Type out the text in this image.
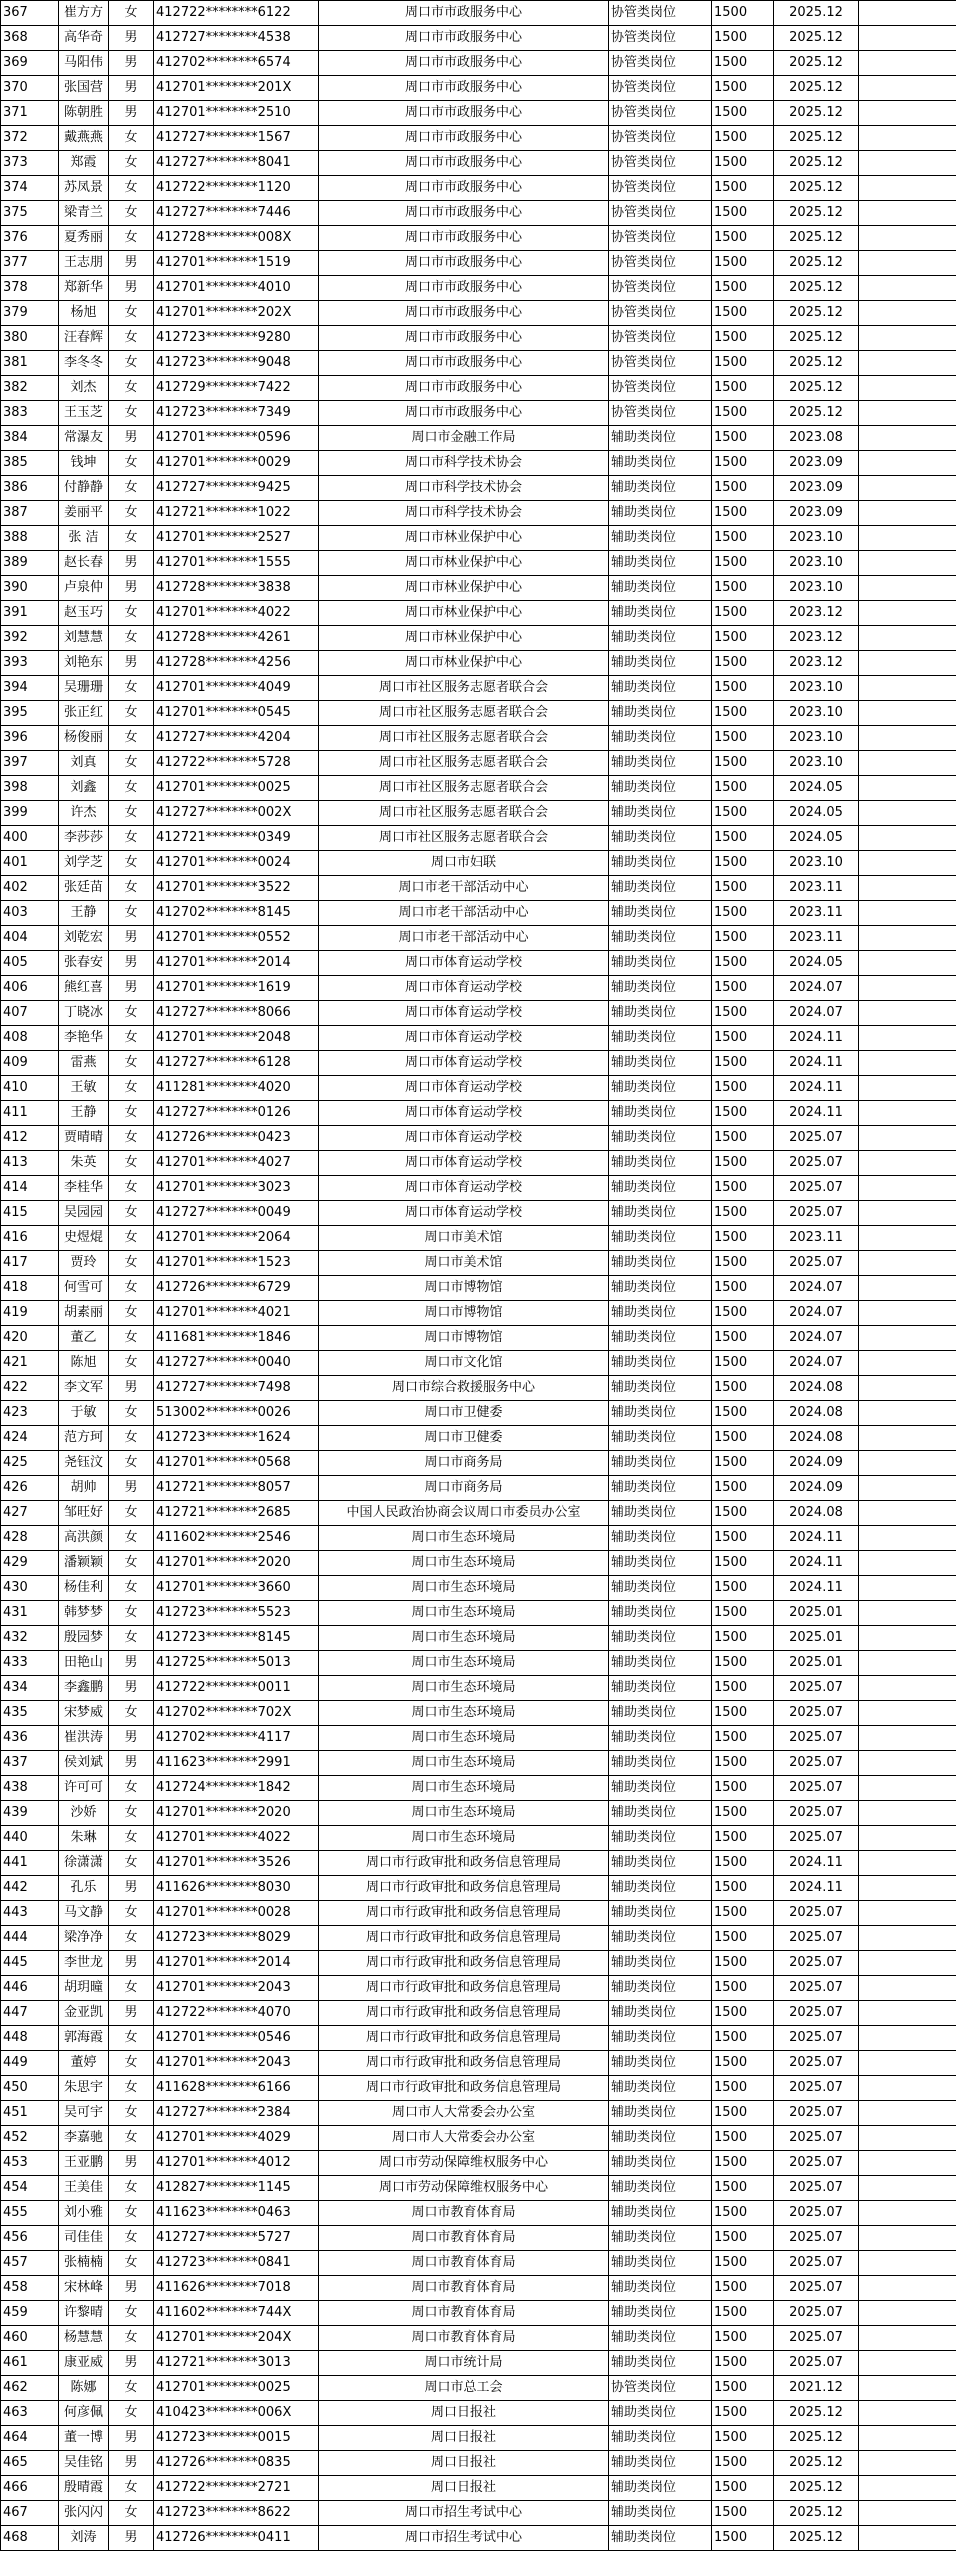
367	崔方方	女	412722********6122	周口市市政服务中心	协管类岗位	1500	2025.12	
368	高华奇	男	412727********4538	周口市市政服务中心	协管类岗位	1500	2025.12	
369	马阳伟	男	412702********6574	周口市市政服务中心	协管类岗位	1500	2025.12	
370	张国营	男	412701********201X	周口市市政服务中心	协管类岗位	1500	2025.12	
371	陈朝胜	男	412701********2510	周口市市政服务中心	协管类岗位	1500	2025.12	
372	戴燕燕	女	412727********1567	周口市市政服务中心	协管类岗位	1500	2025.12	
373	郑霞	女	412727********8041	周口市市政服务中心	协管类岗位	1500	2025.12	
374	苏凤景	女	412722********1120	周口市市政服务中心	协管类岗位	1500	2025.12	
375	梁青兰	女	412727********7446	周口市市政服务中心	协管类岗位	1500	2025.12	
376	夏秀丽	女	412728********008X	周口市市政服务中心	协管类岗位	1500	2025.12	
377	王志朋	男	412701********1519	周口市市政服务中心	协管类岗位	1500	2025.12	
378	郑新华	男	412701********4010	周口市市政服务中心	协管类岗位	1500	2025.12	
379	杨旭	女	412701********202X	周口市市政服务中心	协管类岗位	1500	2025.12	
380	汪春辉	女	412723********9280	周口市市政服务中心	协管类岗位	1500	2025.12	
381	李冬冬	女	412723********9048	周口市市政服务中心	协管类岗位	1500	2025.12	
382	刘杰	女	412729********7422	周口市市政服务中心	协管类岗位	1500	2025.12	
383	王玉芝	女	412723********7349	周口市市政服务中心	协管类岗位	1500	2025.12	
384	常瀑友	男	412701********0596	周口市金融工作局	辅助类岗位	1500	2023.08	
385	钱坤	女	412701********0029	周口市科学技术协会	辅助类岗位	1500	2023.09	
386	付静静	女	412727********9425	周口市科学技术协会	辅助类岗位	1500	2023.09	
387	姜丽平	女	412721********1022	周口市科学技术协会	辅助类岗位	1500	2023.09	
388	张 洁	女	412701********2527	周口市林业保护中心	辅助类岗位	1500	2023.10	
389	赵长春	男	412701********1555	周口市林业保护中心	辅助类岗位	1500	2023.10	
390	卢泉仲	男	412728********3838	周口市林业保护中心	辅助类岗位	1500	2023.10	
391	赵玉巧	女	412701********4022	周口市林业保护中心	辅助类岗位	1500	2023.12	
392	刘慧慧	女	412728********4261	周口市林业保护中心	辅助类岗位	1500	2023.12	
393	刘艳东	男	412728********4256	周口市林业保护中心	辅助类岗位	1500	2023.12	
394	吴珊珊	女	412701********4049	周口市社区服务志愿者联合会	辅助类岗位	1500	2023.10	
395	张正红	女	412701********0545	周口市社区服务志愿者联合会	辅助类岗位	1500	2023.10	
396	杨俊丽	女	412727********4204	周口市社区服务志愿者联合会	辅助类岗位	1500	2023.10	
397	刘真	女	412722********5728	周口市社区服务志愿者联合会	辅助类岗位	1500	2023.10	
398	刘鑫	女	412701********0025	周口市社区服务志愿者联合会	辅助类岗位	1500	2024.05	
399	许杰	女	412727********002X	周口市社区服务志愿者联合会	辅助类岗位	1500	2024.05	
400	李莎莎	女	412721********0349	周口市社区服务志愿者联合会	辅助类岗位	1500	2024.05	
401	刘学芝	女	412701********0024	周口市妇联	辅助类岗位	1500	2023.10	
402	张廷苗	女	412701********3522	周口市老干部活动中心	辅助类岗位	1500	2023.11	
403	王静	女	412702********8145	周口市老干部活动中心	辅助类岗位	1500	2023.11	
404	刘乾宏	男	412701********0552	周口市老干部活动中心	辅助类岗位	1500	2023.11	
405	张春安	男	412701********2014	周口市体育运动学校	辅助类岗位	1500	2024.05	
406	熊红喜	男	412701********1619	周口市体育运动学校	辅助类岗位	1500	2024.07	
407	丁晓冰	女	412727********8066	周口市体育运动学校	辅助类岗位	1500	2024.07	
408	李艳华	女	412701********2048	周口市体育运动学校	辅助类岗位	1500	2024.11	
409	雷燕	女	412727********6128	周口市体育运动学校	辅助类岗位	1500	2024.11	
410	王敏	女	411281********4020	周口市体育运动学校	辅助类岗位	1500	2024.11	
411	王静	女	412727********0126	周口市体育运动学校	辅助类岗位	1500	2024.11	
412	贾晴晴	女	412726********0423	周口市体育运动学校	辅助类岗位	1500	2025.07	
413	朱英	女	412701********4027	周口市体育运动学校	辅助类岗位	1500	2025.07	
414	李桂华	女	412701********3023	周口市体育运动学校	辅助类岗位	1500	2025.07	
415	吴园园	女	412727********0049	周口市体育运动学校	辅助类岗位	1500	2025.07	
416	史煜焜	女	412701********2064	周口市美术馆	辅助类岗位	1500	2023.11	
417	贾玲	女	412701********1523	周口市美术馆	辅助类岗位	1500	2025.07	
418	何雪可	女	412726********6729	周口市博物馆	辅助类岗位	1500	2024.07	
419	胡素丽	女	412701********4021	周口市博物馆	辅助类岗位	1500	2024.07	
420	董乙	女	411681********1846	周口市博物馆	辅助类岗位	1500	2024.07	
421	陈旭	女	412727********0040	周口市文化馆	辅助类岗位	1500	2024.07	
422	李文军	男	412727********7498	周口市综合救援服务中心	辅助类岗位	1500	2024.08	
423	于敏	女	513002********0026	周口市卫健委	辅助类岗位	1500	2024.08	
424	范方珂	女	412723********1624	周口市卫健委	辅助类岗位	1500	2024.08	
425	尧钰汶	女	412701********0568	周口市商务局	辅助类岗位	1500	2024.09	
426	胡帅	男	412721********8057	周口市商务局	辅助类岗位	1500	2024.09	
427	邹旺好	女	412721********2685	中国人民政治协商会议周口市委员办公室	辅助类岗位	1500	2024.08	
428	高洪颜	女	411602********2546	周口市生态环境局	辅助类岗位	1500	2024.11	
429	潘颖颖	女	412701********2020	周口市生态环境局	辅助类岗位	1500	2024.11	
430	杨佳利	女	412701********3660	周口市生态环境局	辅助类岗位	1500	2024.11	
431	韩梦梦	女	412723********5523	周口市生态环境局	辅助类岗位	1500	2025.01	
432	殷园梦	女	412723********8145	周口市生态环境局	辅助类岗位	1500	2025.01	
433	田艳山	男	412725********5013	周口市生态环境局	辅助类岗位	1500	2025.01	
434	李鑫鹏	男	412722********0011	周口市生态环境局	辅助类岗位	1500	2025.07	
435	宋梦威	女	412702********702X	周口市生态环境局	辅助类岗位	1500	2025.07	
436	崔洪涛	男	412702********4117	周口市生态环境局	辅助类岗位	1500	2025.07	
437	侯刘斌	男	411623********2991	周口市生态环境局	辅助类岗位	1500	2025.07	
438	许可可	女	412724********1842	周口市生态环境局	辅助类岗位	1500	2025.07	
439	沙娇	女	412701********2020	周口市生态环境局	辅助类岗位	1500	2025.07	
440	朱琳	女	412701********4022	周口市生态环境局	辅助类岗位	1500	2025.07	
441	徐潇潇	女	412701********3526	周口市行政审批和政务信息管理局	辅助类岗位	1500	2024.11	
442	孔乐	男	411626********8030	周口市行政审批和政务信息管理局	辅助类岗位	1500	2024.11	
443	马文静	女	412701********0028	周口市行政审批和政务信息管理局	辅助类岗位	1500	2025.07	
444	梁净净	女	412723********8029	周口市行政审批和政务信息管理局	辅助类岗位	1500	2025.07	
445	李世龙	男	412701********2014	周口市行政审批和政务信息管理局	辅助类岗位	1500	2025.07	
446	胡玥曈	女	412701********2043	周口市行政审批和政务信息管理局	辅助类岗位	1500	2025.07	
447	金亚凯	男	412722********4070	周口市行政审批和政务信息管理局	辅助类岗位	1500	2025.07	
448	郭海霞	女	412701********0546	周口市行政审批和政务信息管理局	辅助类岗位	1500	2025.07	
449	董婷	女	412701********2043	周口市行政审批和政务信息管理局	辅助类岗位	1500	2025.07	
450	朱思宇	女	411628********6166	周口市行政审批和政务信息管理局	辅助类岗位	1500	2025.07	
451	吴可宇	女	412727********2384	周口市人大常委会办公室	辅助类岗位	1500	2025.07	
452	李嘉驰	女	412701********4029	周口市人大常委会办公室	辅助类岗位	1500	2025.07	
453	王亚鹏	男	412701********4012	周口市劳动保障维权服务中心	辅助类岗位	1500	2025.07	
454	王美佳	女	412827********1145	周口市劳动保障维权服务中心	辅助类岗位	1500	2025.07	
455	刘小雅	女	411623********0463	周口市教育体育局	辅助类岗位	1500	2025.07	
456	司佳佳	女	412727********5727	周口市教育体育局	辅助类岗位	1500	2025.07	
457	张楠楠	女	412723********0841	周口市教育体育局	辅助类岗位	1500	2025.07	
458	宋林峰	男	411626********7018	周口市教育体育局	辅助类岗位	1500	2025.07	
459	许黎晴	女	411602********744X	周口市教育体育局	辅助类岗位	1500	2025.07	
460	杨慧慧	女	412701********204X	周口市教育体育局	辅助类岗位	1500	2025.07	
461	康亚威	男	412721********3013	周口市统计局	辅助类岗位	1500	2025.07	
462	陈娜	女	412701********0025	周口市总工会	协管类岗位	1500	2021.12	
463	何彦佩	女	410423********006X	周口日报社	辅助类岗位	1500	2025.12	
464	董一博	男	412723********0015	周口日报社	辅助类岗位	1500	2025.12	
465	吴佳铭	男	412726********0835	周口日报社	辅助类岗位	1500	2025.12	
466	殷晴霞	女	412722********2721	周口日报社	辅助类岗位	1500	2025.12	
467	张闪闪	女	412723********8622	周口市招生考试中心	辅助类岗位	1500	2025.12	
468	刘涛	男	412726********0411	周口市招生考试中心	辅助类岗位	1500	2025.12	
